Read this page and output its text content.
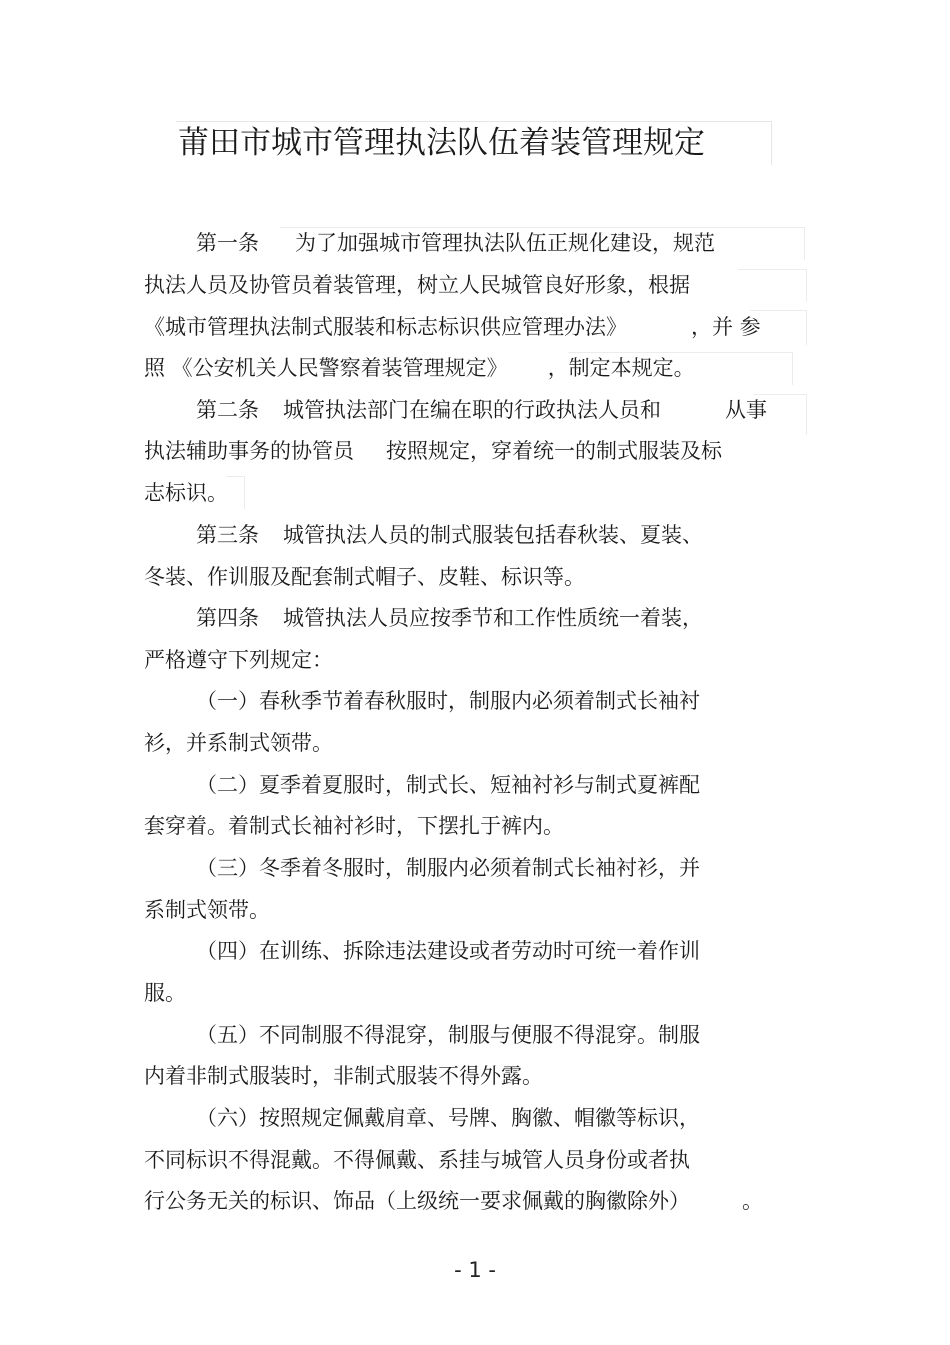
莆田市城市管理执法队伍着装管理规定
第一条 为了加强城市管理执法队伍正规化建设，规范
执法人员及协管员着装管理，树立人民城管良好形象，根据
《城市管理执法制式服装和标志标识供应管理办法》	，并 参
照 《公安机关人民警察着装管理规定》 ，制定本规定。
第二条 城管执法部门在编在职的行政执法人员和	从事
执法辅助事务的协管员 按照规定，穿着统一的制式服装及标
志标识。
第三条 城管执法人员的制式服装包括春秋装、夏装、
冬装、作训服及配套制式帽子、皮鞋、标识等。
第四条 城管执法人员应按季节和工作性质统一着装，
严格遵守下列规定：
（一）春秋季节着春秋服时，制服内必须着制式长袖衬
衫，并系制式领带。
（二）夏季着夏服时，制式长、短袖衬衫与制式夏裤配
套穿着。着制式长袖衬衫时，下摆扎于裤内。
（三）冬季着冬服时，制服内必须着制式长袖衬衫，并
系制式领带。
（四）在训练、拆除违法建设或者劳动时可统一着作训
服。
（五）不同制服不得混穿，制服与便服不得混穿。制服
内着非制式服装时，非制式服装不得外露。
（六）按照规定佩戴肩章、号牌、胸徽、帽徽等标识，
不同标识不得混戴。不得佩戴、系挂与城管人员身份或者执
行公务无关的标识、饰品（上级统一要求佩戴的胸徽除外） 。
- 1 -
